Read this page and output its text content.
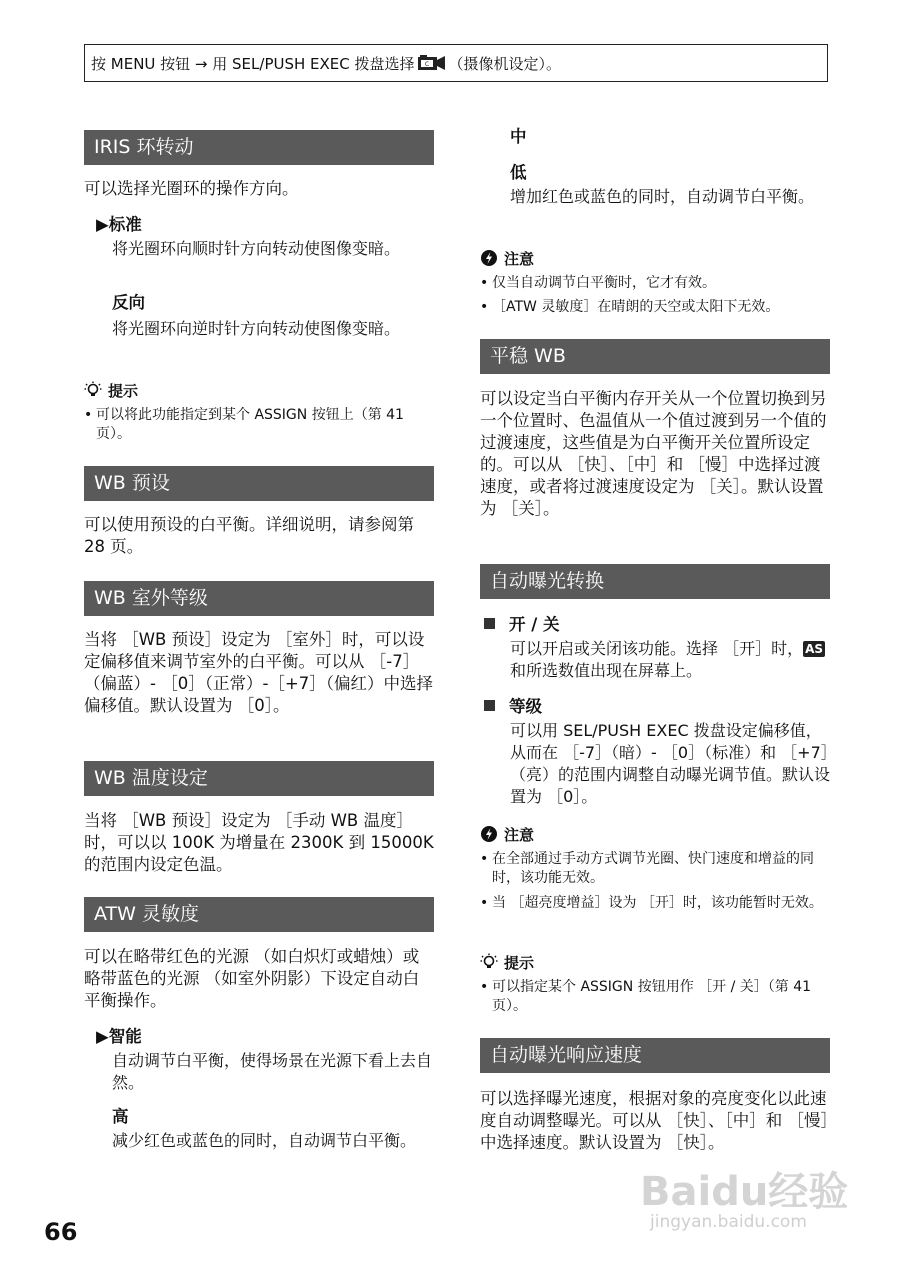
按 MENU 按钮 → 用 SEL/PUSH EXEC 拨盘选择 C （摄像机设定）。
IRIS 环转动

可以选择光圈环的操作方向。

▶标准

将光圈环向顺时针方向转动使图像变暗。

反向

将光圈环向逆时针方向转动使图像变暗。

提示
• 可以将此功能指定到某个 ASSIGN 按钮上（第 41 页）。
WB 预设

可以使用预设的白平衡。详细说明，请参阅第 28 页。

WB 室外等级

当将 ［WB 预设］设定为 ［室外］时，可以设定偏移值来调节室外的白平衡。可以从 ［-7］（偏蓝）- ［0］（正常）-［+7］（偏红）中选择偏移值。默认设置为 ［0］。

WB 温度设定

当将 ［WB 预设］设定为 ［手动 WB 温度］时，可以以 100K 为增量在 2300K 到 15000K 的范围内设定色温。

ATW 灵敏度

可以在略带红色的光源 （如白炽灯或蜡烛）或略带蓝色的光源 （如室外阴影）下设定自动白平衡操作。

▶智能

自动调节白平衡，使得场景在光源下看上去自然。

高

减少红色或蓝色的同时，自动调节白平衡。

中
低

增加红色或蓝色的同时，自动调节白平衡。

注意
• 仅当自动调节白平衡时，它才有效。
• ［ATW 灵敏度］在晴朗的天空或太阳下无效。
平稳 WB

可以设定当白平衡内存开关从一个位置切换到另一个位置时、色温值从一个值过渡到另一个值的过渡速度，这些值是为白平衡开关位置所设定的。可以从 ［快］、［中］和 ［慢］中选择过渡速度，或者将过渡速度设定为 ［关］。默认设置为 ［关］。

自动曝光转换
开 / 关

可以开启或关闭该功能。选择 ［开］时， AS和所选数值出现在屏幕上。

等级

可以用 SEL/PUSH EXEC 拨盘设定偏移值，从而在 ［-7］（暗）- ［0］（标准）和 ［+7］（亮）的范围内调整自动曝光调节值。默认设置为 ［0］。

注意
• 在全部通过手动方式调节光圈、快门速度和增益的同时，该功能无效。
• 当 ［超亮度增益］设为 ［开］时，该功能暂时无效。
提示
• 可以指定某个 ASSIGN 按钮用作 ［开 / 关］（第 41 页）。
自动曝光响应速度

可以选择曝光速度，根据对象的亮度变化以此速度自动调整曝光。可以从 ［快］、［中］和 ［慢］中选择速度。默认设置为 ［快］。

Baidu经验
jingyan.baidu.com
66
